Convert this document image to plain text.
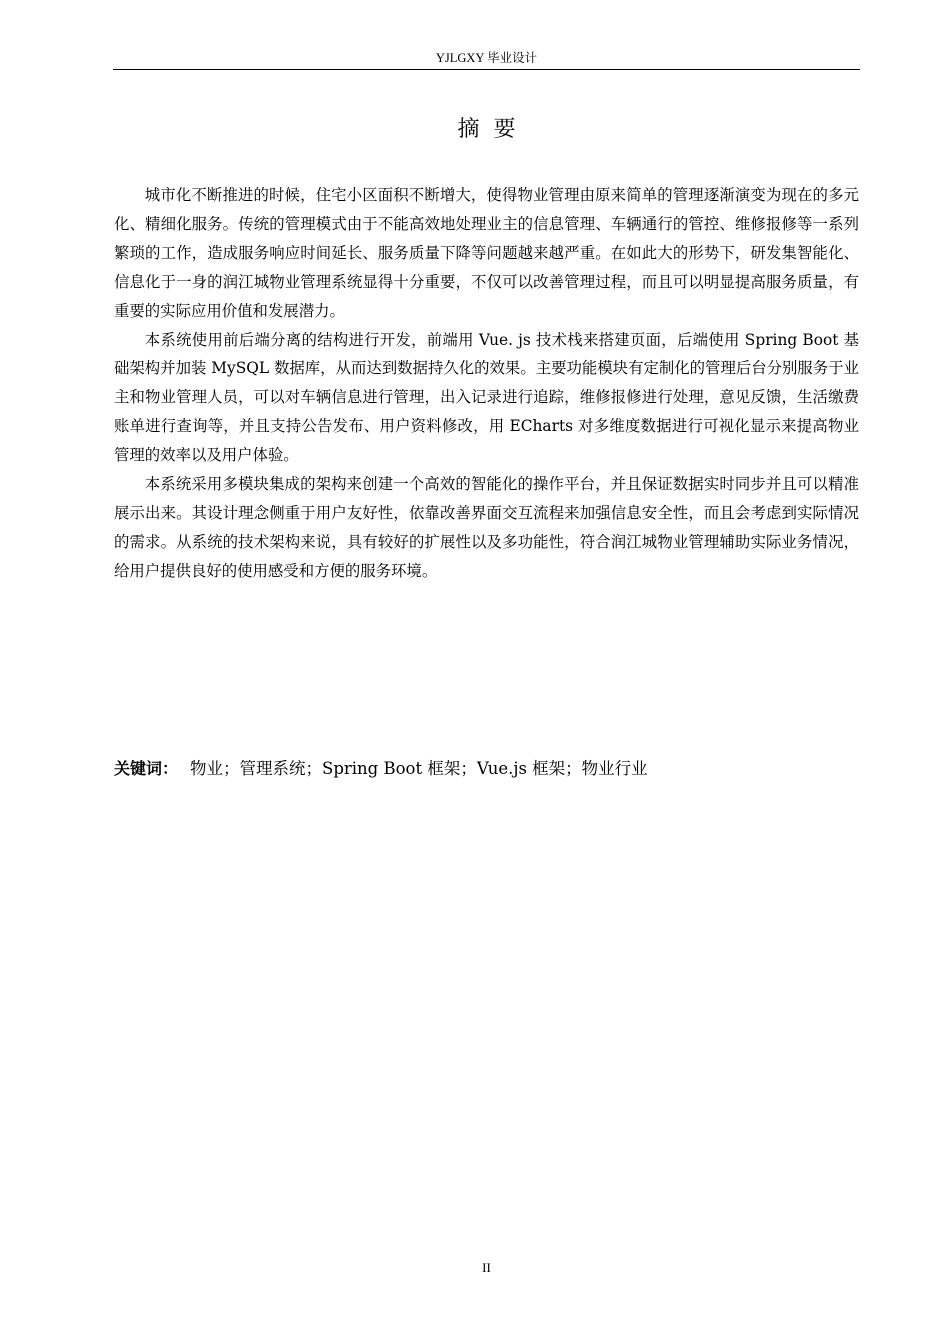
YJLGXY 毕业设计
摘要

城市化不断推进的时候，住宅小区面积不断增大，使得物业管理由原来简单的管理逐渐演变为现在的多元化、精细化服务。传统的管理模式由于不能高效地处理业主的信息管理、车辆通行的管控、维修报修等一系列繁琐的工作，造成服务响应时间延长、服务质量下降等问题越来越严重。在如此大的形势下，研发集智能化、信息化于一身的润江城物业管理系统显得十分重要，不仅可以改善管理过程，而且可以明显提高服务质量，有重要的实际应用价值和发展潜力。

本系统使用前后端分离的结构进行开发，前端用 Vue. js 技术栈来搭建页面，后端使用 Spring Boot 基础架构并加装 MySQL 数据库，从而达到数据持久化的效果。主要功能模块有定制化的管理后台分别服务于业主和物业管理人员，可以对车辆信息进行管理，出入记录进行追踪，维修报修进行处理，意见反馈，生活缴费账单进行查询等，并且支持公告发布、用户资料修改，用 ECharts 对多维度数据进行可视化显示来提高物业管理的效率以及用户体验。

本系统采用多模块集成的架构来创建一个高效的智能化的操作平台，并且保证数据实时同步并且可以精准展示出来。其设计理念侧重于用户友好性，依靠改善界面交互流程来加强信息安全性，而且会考虑到实际情况的需求。从系统的技术架构来说，具有较好的扩展性以及多功能性，符合润江城物业管理辅助实际业务情况，给用户提供良好的使用感受和方便的服务环境。

关键词： 物业；管理系统；Spring Boot 框架；Vue.js 框架；物业行业
II
